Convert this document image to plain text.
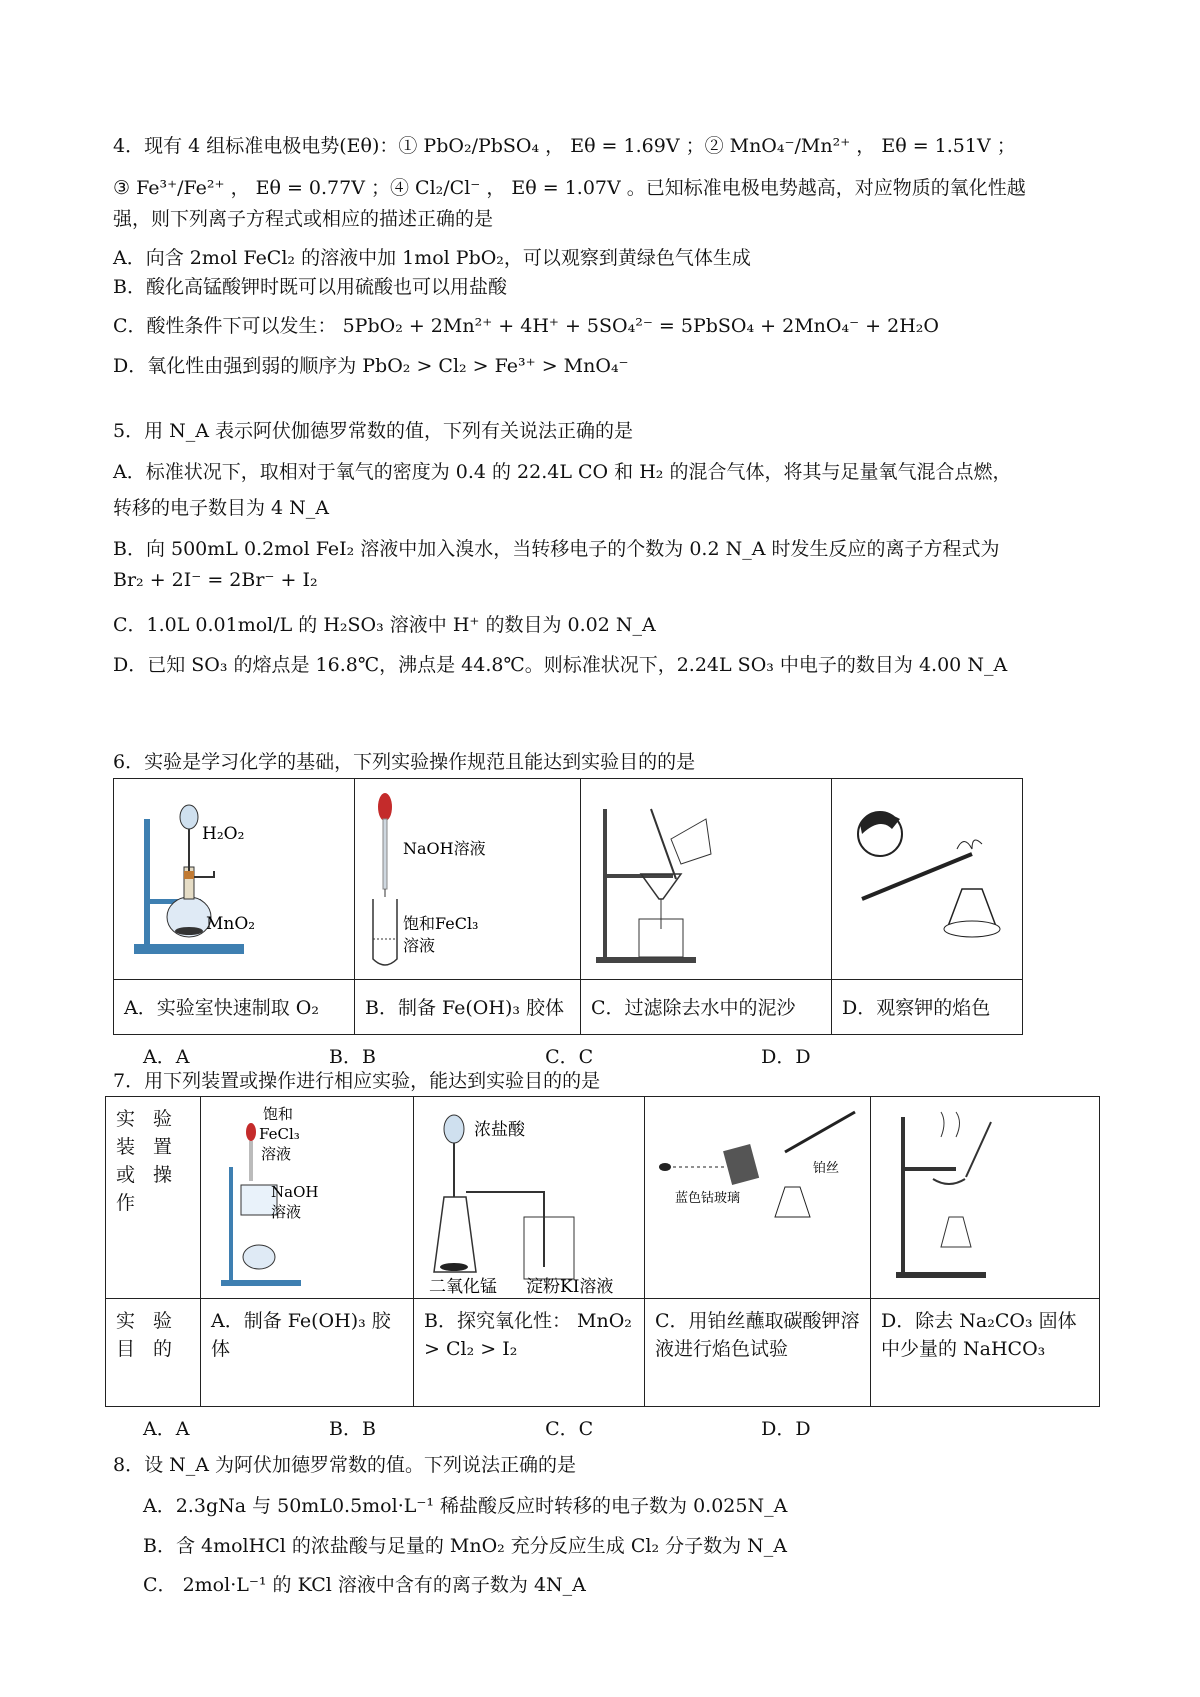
4．现有 4 组标准电极电势(Eθ)：① PbO₂/PbSO₄ ， Eθ = 1.69V ；② MnO₄⁻/Mn²⁺ ， Eθ = 1.51V ；
③ Fe³⁺/Fe²⁺ ， Eθ = 0.77V ；④ Cl₂/Cl⁻ ， Eθ = 1.07V 。已知标准电极电势越高，对应物质的氧化性越
强，则下列离子方程式或相应的描述正确的是
A．向含 2mol FeCl₂ 的溶液中加 1mol PbO₂，可以观察到黄绿色气体生成
B．酸化高锰酸钾时既可以用硫酸也可以用盐酸
C．酸性条件下可以发生： 5PbO₂ + 2Mn²⁺ + 4H⁺ + 5SO₄²⁻ = 5PbSO₄ + 2MnO₄⁻ + 2H₂O
D．氧化性由强到弱的顺序为 PbO₂ > Cl₂ > Fe³⁺ > MnO₄⁻
5．用 N_A 表示阿伏伽德罗常数的值，下列有关说法正确的是
A．标准状况下，取相对于氧气的密度为 0.4 的 22.4L CO 和 H₂ 的混合气体，将其与足量氧气混合点燃，
转移的电子数目为 4 N_A
B．向 500mL 0.2mol FeI₂ 溶液中加入溴水，当转移电子的个数为 0.2 N_A 时发生反应的离子方程式为
Br₂ + 2I⁻ = 2Br⁻ + I₂
C．1.0L 0.01mol/L 的 H₂SO₃ 溶液中 H⁺ 的数目为 0.02 N_A
D．已知 SO₃ 的熔点是 16.8℃，沸点是 44.8℃。则标准状况下，2.24L SO₃ 中电子的数目为 4.00 N_A
6．实验是学习化学的基础，下列实验操作规范且能达到实验目的的是
H₂O₂
MnO₂	NaOH溶液
饱和FeCl₃
溶液

A．实验室快速制取 O₂	B．制备 Fe(OH)₃ 胶体	C．过滤除去水中的泥沙	D．观察钾的焰色
A．A	B．B	C．C	D．D
7．用下列装置或操作进行相应实验，能达到实验目的的是
实 验 装 置 或 操 作	饱和
FeCl₃
溶液
NaOH
溶液	浓盐酸
二氧化锰 淀粉KI溶液	铂丝
蓝色钴玻璃

实 验 目 的	A．制备 Fe(OH)₃ 胶体	B．探究氧化性： MnO₂ > Cl₂ > I₂	C．用铂丝蘸取碳酸钾溶液进行焰色试验	D．除去 Na₂CO₃ 固体中少量的 NaHCO₃
A．A	B．B	C．C	D．D
8．设 N_A 为阿伏加德罗常数的值。下列说法正确的是
A．2.3gNa 与 50mL0.5mol·L⁻¹ 稀盐酸反应时转移的电子数为 0.025N_A
B．含 4molHCl 的浓盐酸与足量的 MnO₂ 充分反应生成 Cl₂ 分子数为 N_A
C． 2mol·L⁻¹ 的 KCl 溶液中含有的离子数为 4N_A
